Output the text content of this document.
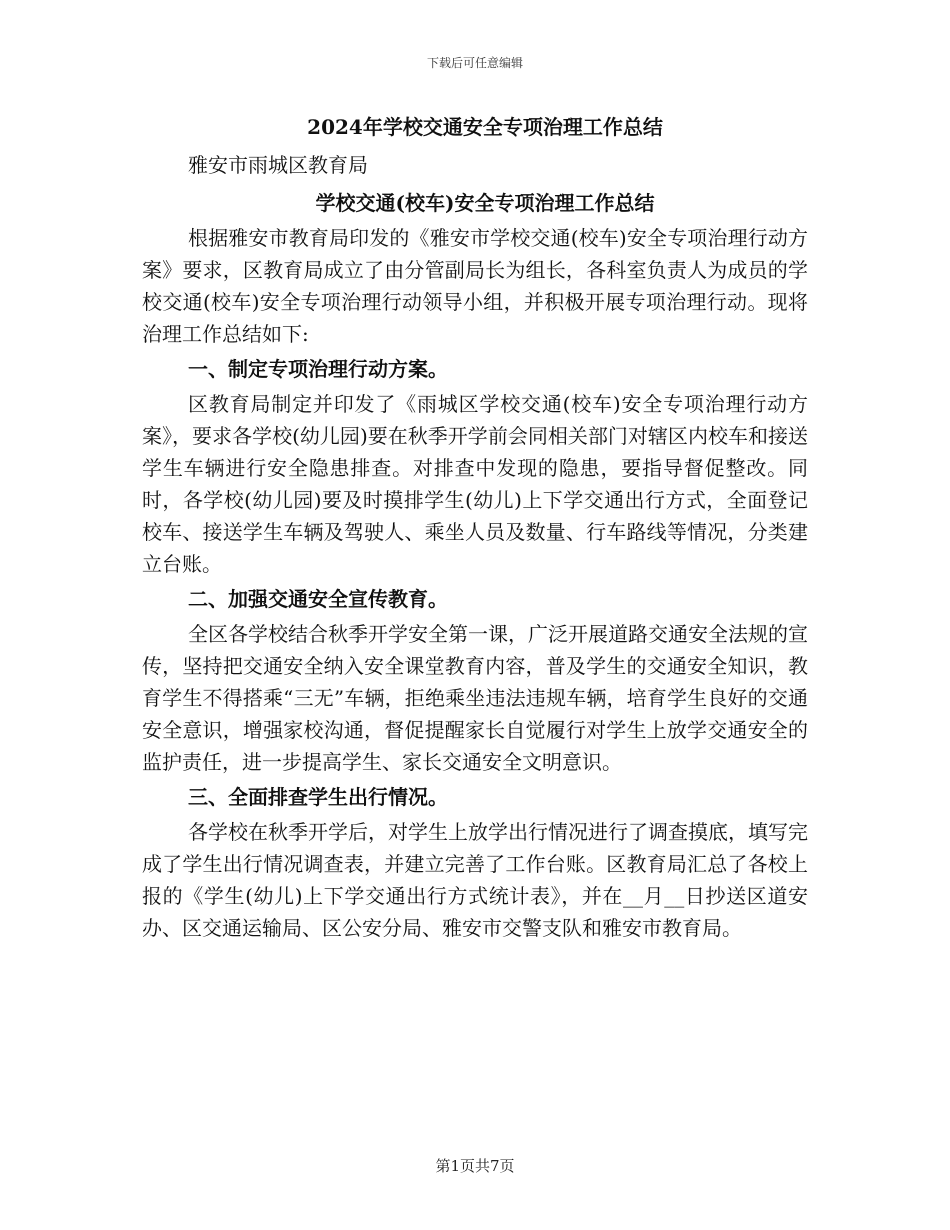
下载后可任意编辑

2024年学校交通安全专项治理工作总结

雅安市雨城区教育局

学校交通(校车)安全专项治理工作总结

根据雅安市教育局印发的《雅安市学校交通(校车)安全专项治理行动方案》要求，区教育局成立了由分管副局长为组长，各科室负责人为成员的学校交通(校车)安全专项治理行动领导小组，并积极开展专项治理行动。现将治理工作总结如下:

一、制定专项治理行动方案。

区教育局制定并印发了《雨城区学校交通(校车)安全专项治理行动方案》，要求各学校(幼儿园)要在秋季开学前会同相关部门对辖区内校车和接送学生车辆进行安全隐患排查。对排查中发现的隐患，要指导督促整改。同时，各学校(幼儿园)要及时摸排学生(幼儿)上下学交通出行方式，全面登记校车、接送学生车辆及驾驶人、乘坐人员及数量、行车路线等情况，分类建立台账。

二、加强交通安全宣传教育。

全区各学校结合秋季开学安全第一课，广泛开展道路交通安全法规的宣传，坚持把交通安全纳入安全课堂教育内容，普及学生的交通安全知识，教育学生不得搭乘“三无”车辆，拒绝乘坐违法违规车辆，培育学生良好的交通安全意识，增强家校沟通，督促提醒家长自觉履行对学生上放学交通安全的监护责任，进一步提高学生、家长交通安全文明意识。

三、全面排查学生出行情况。

各学校在秋季开学后，对学生上放学出行情况进行了调查摸底，填写完成了学生出行情况调查表，并建立完善了工作台账。区教育局汇总了各校上报的《学生(幼儿)上下学交通出行方式统计表》，并在__月__日抄送区道安办、区交通运输局、区公安分局、雅安市交警支队和雅安市教育局。

第1页共7页
